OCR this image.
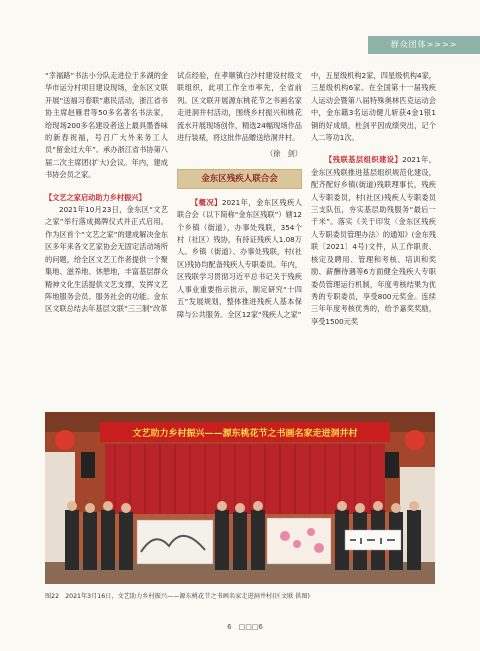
群众团体>>>>

“幸福路”书法小分队走进位于多湖的金华市运分村项目建设现场，金东区文联开展“送福习春联”惠民活动，浙江省书协主席赵雁君等50多名著名书法家，给现场200多名建设者送上最具墨香味的新春祝福，号召广大外来务工人员“留金过大年”。承办浙江省书协第八届二次主席团(扩大)会议。年内，建成书协会员之家。

【文艺之家启动助力乡村振兴】

2021年10月23日，金东区“文艺之家”举行落成揭牌仪式并正式启用。作为区首个“文艺之家”的建成解决金东区多年来各文艺家协会无固定活动场所的问题，给全区文艺工作者提供一个聚集地、滋养地、休憩地，丰富基层群众精神文化生活提供文艺支撑，发挥文艺阵地服务会员、服务社会的功能。金东区文联总结去年基层文联“三三制”改革

试点经验，在孝顺镇白沙村建设村级文联组织，此项工作全市率先，全省前列。区文联开展源东桃花节之书画名家走进洞井村活动，围绕乡村振兴和桃花流水开展现场创作，精选24幅现场作品进行装裱，将这批作品赠送给洞井村。

（徐　剑）
金东区残疾人联合会

【概况】2021年，金东区残疾人联合会（以下简称“金东区残联”）辖12个乡镇（街道），办事处残联，354个村（社区）残协，有持证残疾人1.08万人。乡镇（街道）、办事处残联，村(社区)残协均配备残疾人专职委员。年内，区残联学习贯彻习近平总书记关于残疾人事业重要指示批示，制定研究“十四五”发展规划，整体推进残疾人基本保障与公共服务。全区12家“残疾人之家”

中，五星级机构2家，四星级机构4家，三星级机构6家。在全国第十一届残疾人运动会暨第八届特殊奥林匹克运动会中，金东籍3名运动健儿斩获4金1银1铜的好成绩，杜剑平因成绩突出，记个人二等功1次。

【残联基层组织建设】2021年，金东区残联推进基层组织规范化建设，配齐配好乡镇(街道)残联理事长，残疾人专职委员，村(社区)残疾人专职委员三支队伍，夯实基层助残服务“最后一千米”。落实《关于印发〈金东区残疾人专职委员管理办法〉的通知》(金东残联〔2021〕4号)文件，从工作职责、核定及聘用、管理和考核、培训和奖励、薪酬待遇等6方面健全残疾人专职委员管理运行机制，年度考核结果为优秀的专职委员，享受800元奖金。连续三年年度考核优秀的，给予嘉奖奖励，享受1500元奖

文艺助力乡村振兴——源东桃花节之书画名家走进洞井村
图22　2021年3月16日，文艺助力乡村振兴——源东桃花节之书画名家走进洞井村(区文联 供图)
6　□□□6
